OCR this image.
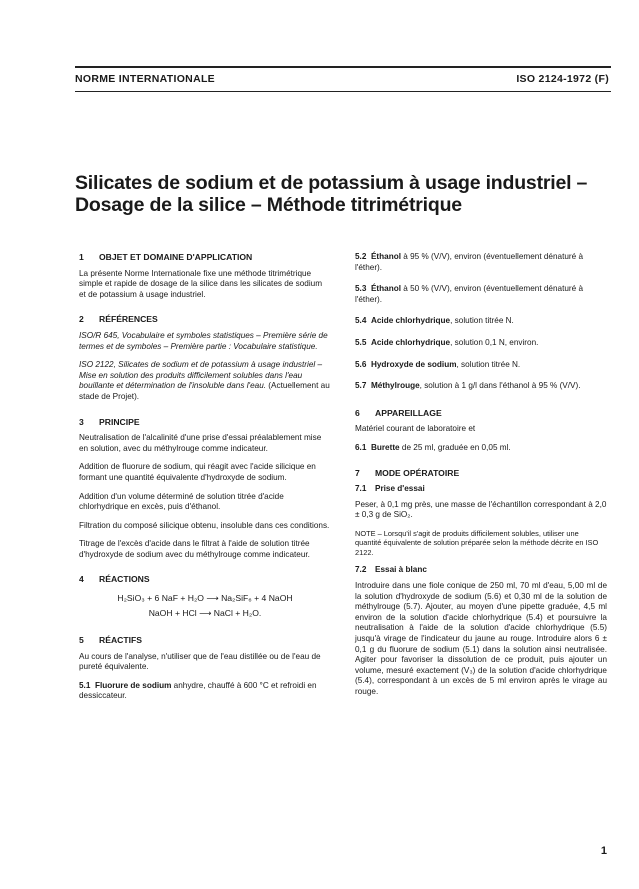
NORME INTERNATIONALE	ISO 2124-1972 (F)
Silicates de sodium et de potassium à usage industriel –
Dosage de la silice – Méthode titrimétrique
1 OBJET ET DOMAINE D'APPLICATION

La présente Norme Internationale fixe une méthode titrimétrique simple et rapide de dosage de la silice dans les silicates de sodium et de potassium à usage industriel.

2 RÉFÉRENCES

ISO/R 645, Vocabulaire et symboles statistiques – Première série de termes et de symboles – Première partie : Vocabulaire statistique.

ISO 2122, Silicates de sodium et de potassium à usage industriel – Mise en solution des produits difficilement solubles dans l'eau bouillante et détermination de l'insoluble dans l'eau. (Actuellement au stade de Projet).

3 PRINCIPE

Neutralisation de l'alcalinité d'une prise d'essai préalablement mise en solution, avec du méthylrouge comme indicateur.

Addition de fluorure de sodium, qui réagit avec l'acide silicique en formant une quantité équivalente d'hydroxyde de sodium.

Addition d'un volume déterminé de solution titrée d'acide chlorhydrique en excès, puis d'éthanol.

Filtration du composé silicique obtenu, insoluble dans ces conditions.

Titrage de l'excès d'acide dans le filtrat à l'aide de solution titrée d'hydroxyde de sodium avec du méthylrouge comme indicateur.

4 RÉACTIONS
H₂SiO₃ + 6 NaF + H₂O ⟶ Na₂SiF₆ + 4 NaOH
NaOH + HCl ⟶ NaCl + H₂O.
5 RÉACTIFS

Au cours de l'analyse, n'utiliser que de l'eau distillée ou de l'eau de pureté équivalente.

5.1 Fluorure de sodium anhydre, chauffé à 600 °C et refroidi en dessiccateur.

5.2 Éthanol à 95 % (V/V), environ (éventuellement dénaturé à l'éther).
5.3 Éthanol à 50 % (V/V), environ (éventuellement dénaturé à l'éther).
5.4 Acide chlorhydrique, solution titrée N.
5.5 Acide chlorhydrique, solution 0,1 N, environ.
5.6 Hydroxyde de sodium, solution titrée N.
5.7 Méthylrouge, solution à 1 g/l dans l'éthanol à 95 % (V/V).
6 APPAREILLAGE

Matériel courant de laboratoire et

6.1 Burette de 25 ml, graduée en 0,05 ml.

7 MODE OPÉRATOIRE
7.1 Prise d'essai

Peser, à 0,1 mg près, une masse de l'échantillon correspondant à 2,0 ± 0,3 g de SiO₂.

NOTE – Lorsqu'il s'agit de produits difficilement solubles, utiliser une quantité équivalente de solution préparée selon la méthode décrite en ISO 2122.

7.2 Essai à blanc

Introduire dans une fiole conique de 250 ml, 70 ml d'eau, 5,00 ml de la solution d'hydroxyde de sodium (5.6) et 0,30 ml de la solution de méthylrouge (5.7). Ajouter, au moyen d'une pipette graduée, 4,5 ml environ de la solution d'acide chlorhydrique (5.4) et poursuivre la neutralisation à l'aide de la solution d'acide chlorhydrique (5.5) jusqu'à virage de l'indicateur du jaune au rouge. Introduire alors 6 ± 0,1 g du fluorure de sodium (5.1) dans la solution ainsi neutralisée. Agiter pour favoriser la dissolution de ce produit, puis ajouter un volume, mesuré exactement (V₃) de la solution d'acide chlorhydrique (5.4), correspondant à un excès de 5 ml environ après le virage au rouge.

1
